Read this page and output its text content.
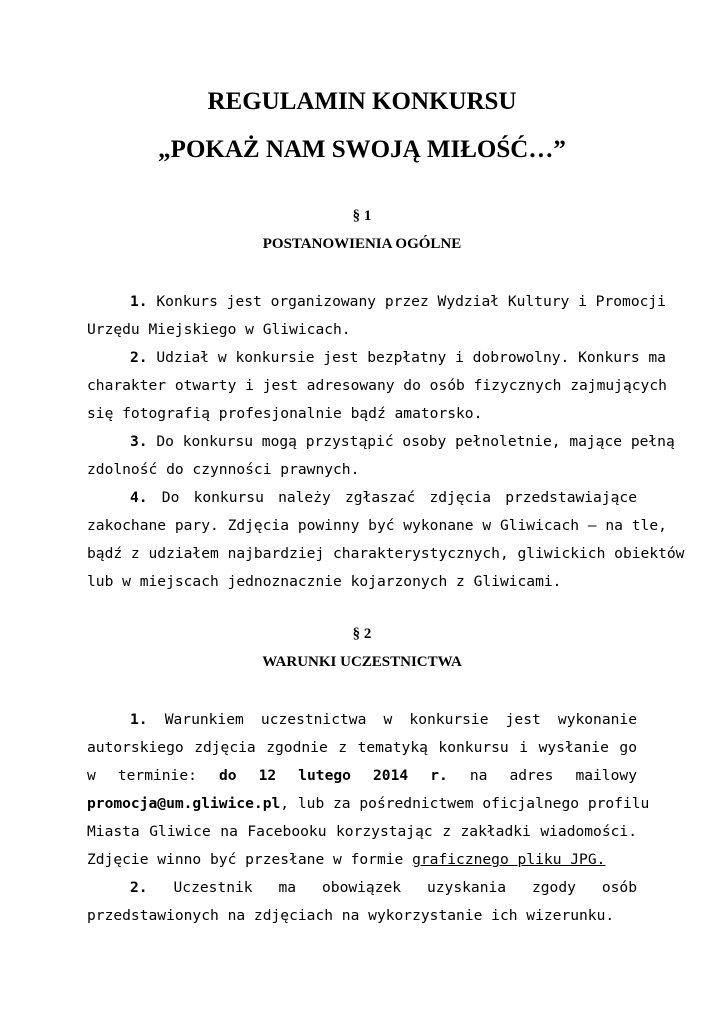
REGULAMIN KONKURSU
„POKAŻ NAM SWOJĄ MIŁOŚĆ…”
§ 1
POSTANOWIENIA OGÓLNE
1. Konkurs jest organizowany przez Wydział Kultury i Promocji
Urzędu Miejskiego w Gliwicach.
2. Udział w konkursie jest bezpłatny i dobrowolny. Konkurs ma
charakter otwarty i jest adresowany do osób fizycznych zajmujących
się fotografią profesjonalnie bądź amatorsko.
3. Do konkursu mogą przystąpić osoby pełnoletnie, mające pełną
zdolność do czynności prawnych.
4. Do konkursu należy zgłaszać zdjęcia przedstawiające
zakochane pary. Zdjęcia powinny być wykonane w Gliwicach – na tle,
bądź z udziałem najbardziej charakterystycznych, gliwickich obiektów
lub w miejscach jednoznacznie kojarzonych z Gliwicami.
§ 2
WARUNKI UCZESTNICTWA
1. Warunkiem uczestnictwa w konkursie jest wykonanie
autorskiego zdjęcia zgodnie z tematyką konkursu i wysłanie go
w terminie: do 12 lutego 2014 r. na adres mailowy
promocja@um.gliwice.pl, lub za pośrednictwem oficjalnego profilu
Miasta Gliwice na Facebooku korzystając z zakładki wiadomości.
Zdjęcie winno być przesłane w formie graficznego pliku JPG.
2. Uczestnik ma obowiązek uzyskania zgody osób
przedstawionych na zdjęciach na wykorzystanie ich wizerunku.
